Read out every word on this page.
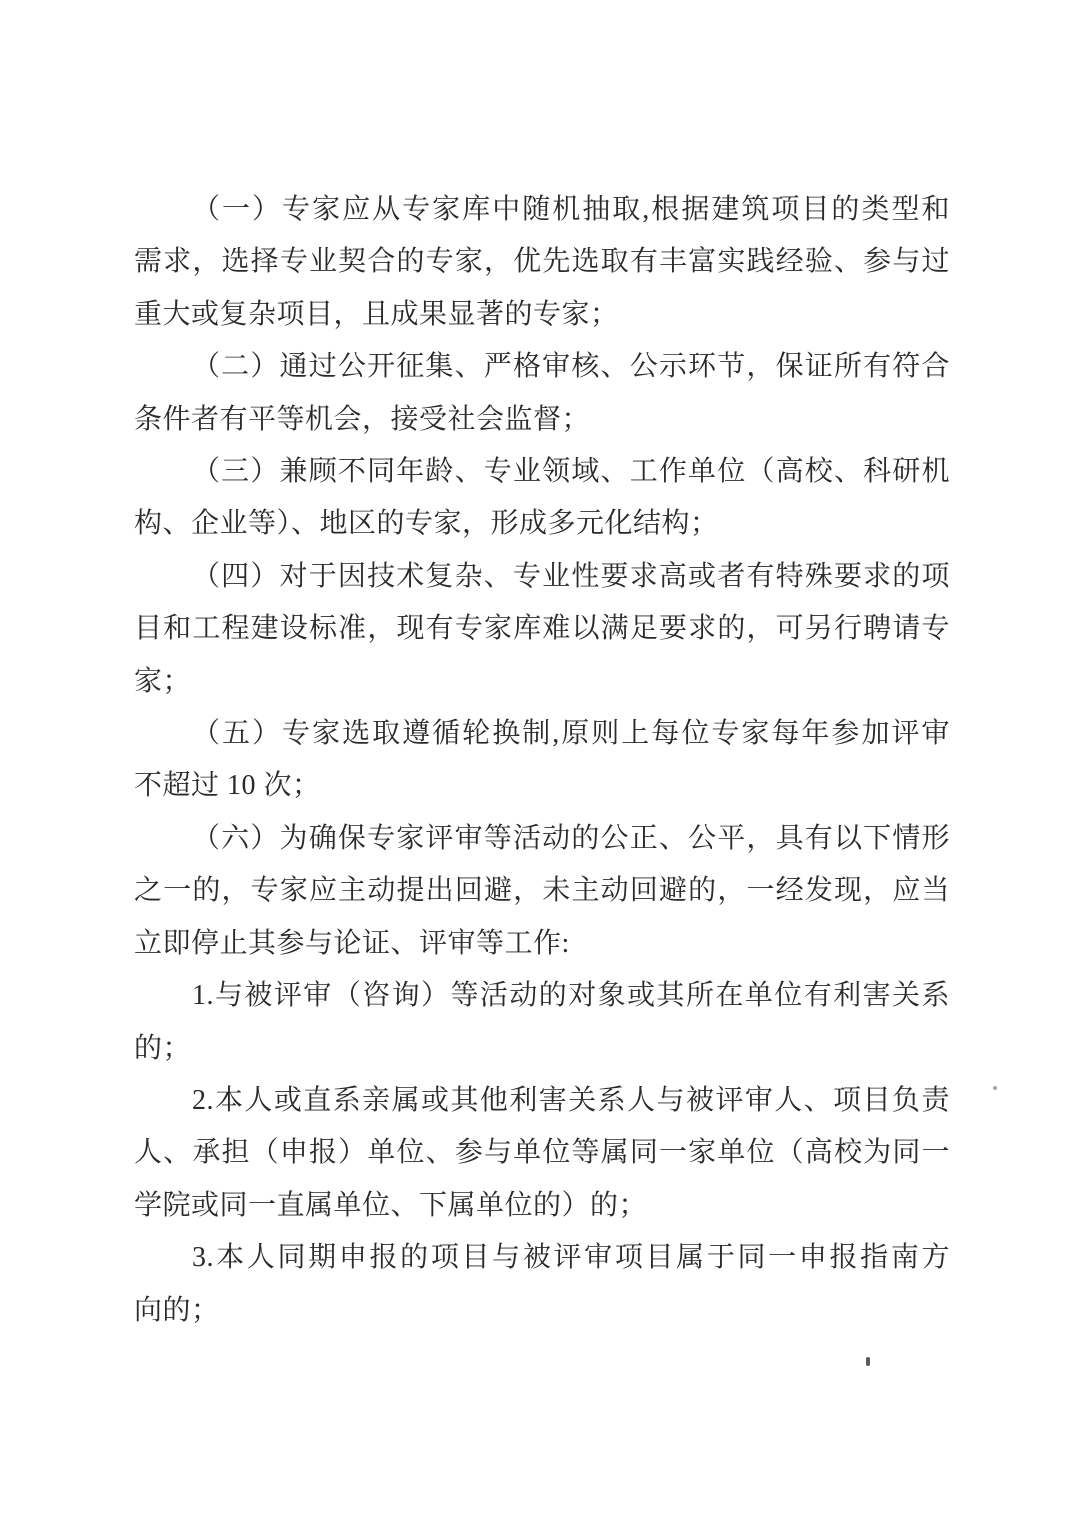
（一）专家应从专家库中随机抽取,根据建筑项目的类型和
需求，选择专业契合的专家，优先选取有丰富实践经验、参与过
重大或复杂项目，且成果显著的专家；

（二）通过公开征集、严格审核、公示环节，保证所有符合
条件者有平等机会，接受社会监督；

（三）兼顾不同年龄、专业领域、工作单位（高校、科研机
构、企业等）、地区的专家，形成多元化结构；

（四）对于因技术复杂、专业性要求高或者有特殊要求的项
目和工程建设标准，现有专家库难以满足要求的，可另行聘请专
家；

（五）专家选取遵循轮换制,原则上每位专家每年参加评审
不超过 10 次；

（六）为确保专家评审等活动的公正、公平，具有以下情形
之一的，专家应主动提出回避，未主动回避的，一经发现，应当
立即停止其参与论证、评审等工作:

1.与被评审（咨询）等活动的对象或其所在单位有利害关系
的；

2.本人或直系亲属或其他利害关系人与被评审人、项目负责
人、承担（申报）单位、参与单位等属同一家单位（高校为同一
学院或同一直属单位、下属单位的）的；

3.本人同期申报的项目与被评审项目属于同一申报指南方
向的；
